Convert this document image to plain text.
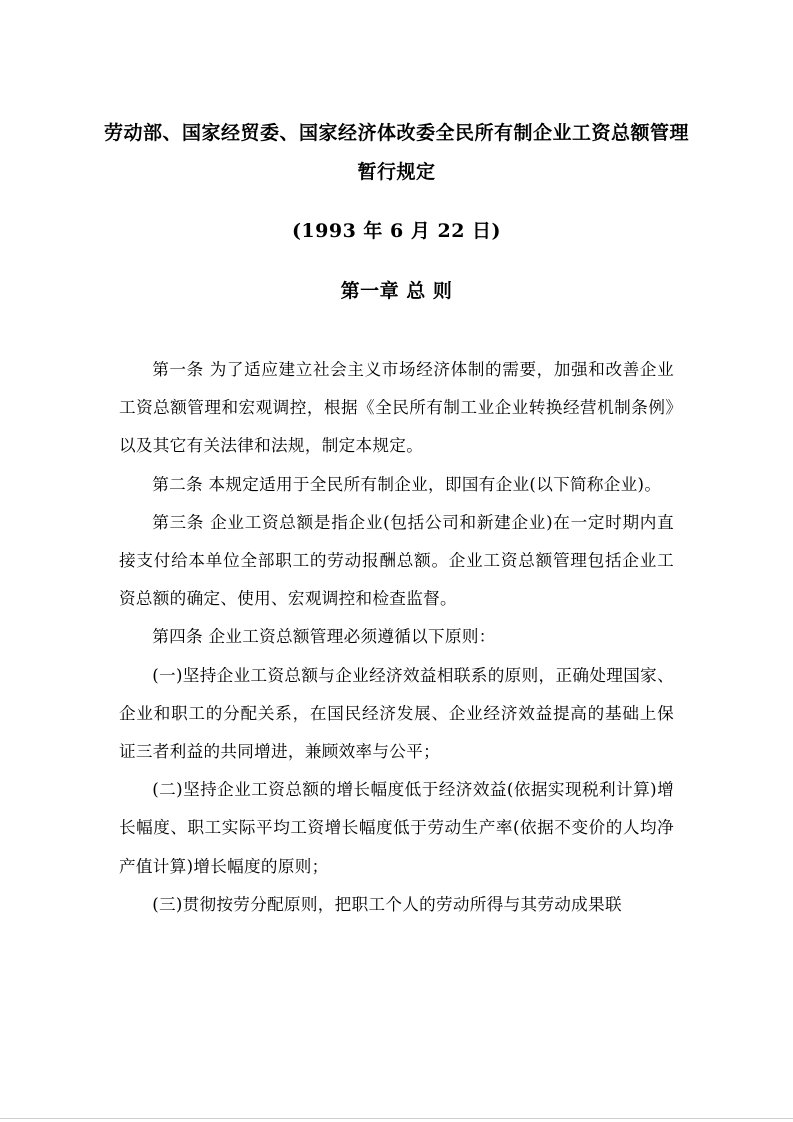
劳动部、国家经贸委、国家经济体改委全民所有制企业工资总额管理
暂行规定
(1993 年 6 月 22 日)
第一章 总 则

第一条 为了适应建立社会主义市场经济体制的需要，加强和改善企业工资总额管理和宏观调控，根据《全民所有制工业企业转换经营机制条例》以及其它有关法律和法规，制定本规定。

第二条 本规定适用于全民所有制企业，即国有企业(以下简称企业)。

第三条 企业工资总额是指企业(包括公司和新建企业)在一定时期内直接支付给本单位全部职工的劳动报酬总额。企业工资总额管理包括企业工资总额的确定、使用、宏观调控和检查监督。

第四条 企业工资总额管理必须遵循以下原则：

(一)坚持企业工资总额与企业经济效益相联系的原则，正确处理国家、企业和职工的分配关系，在国民经济发展、企业经济效益提高的基础上保证三者利益的共同增进，兼顾效率与公平；

(二)坚持企业工资总额的增长幅度低于经济效益(依据实现税利计算)增长幅度、职工实际平均工资增长幅度低于劳动生产率(依据不变价的人均净产值计算)增长幅度的原则；

(三)贯彻按劳分配原则，把职工个人的劳动所得与其劳动成果联
